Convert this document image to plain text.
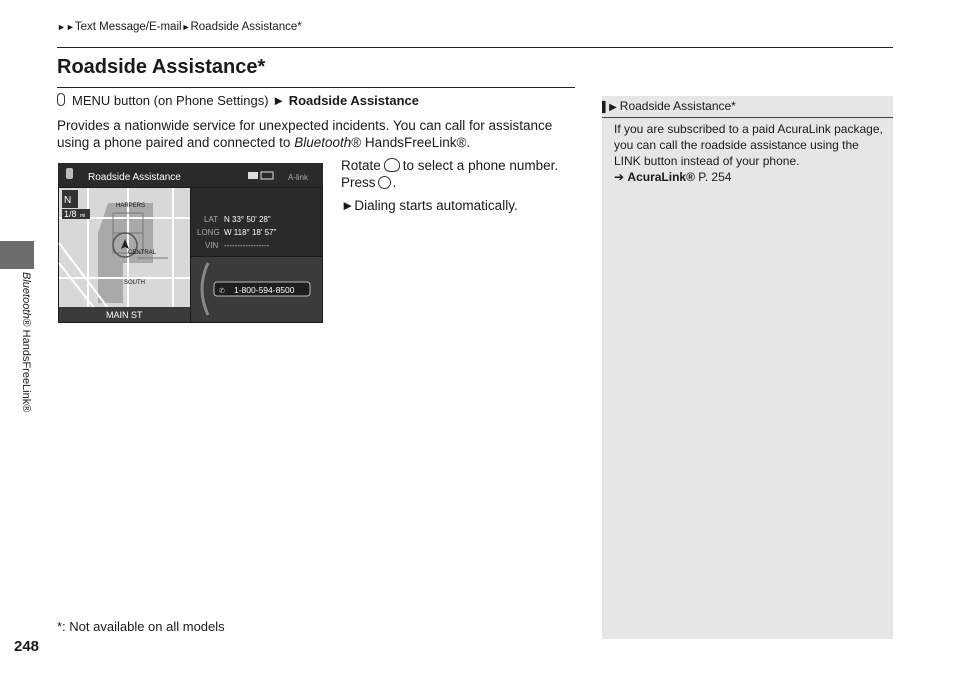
►►Text Message/E-mail►Roadside Assistance*
Roadside Assistance*
MENU button (on Phone Settings) ► Roadside Assistance
Provides a nationwide service for unexpected incidents. You can call for assistance using a phone paired and connected to Bluetooth® HandsFreeLink®.
Roadside Assistance	A-link
N
1/8 mi
HARPERS
CENTRAL
SOUTH
MAIN ST
LAT N 33° 50' 28"
LONG W 118° 18' 57"
VIN -----------------
✆ 1-800-594-8500
Rotate to select a phone number.
Press .
►Dialing starts automatically.
▌▶ Roadside Assistance*
If you are subscribed to a paid AcuraLink package, you can call the roadside assistance using the LINK button instead of your phone.
➔ AcuraLink® P. 254
*: Not available on all models
248
Bluetooth® HandsFreeLink®
